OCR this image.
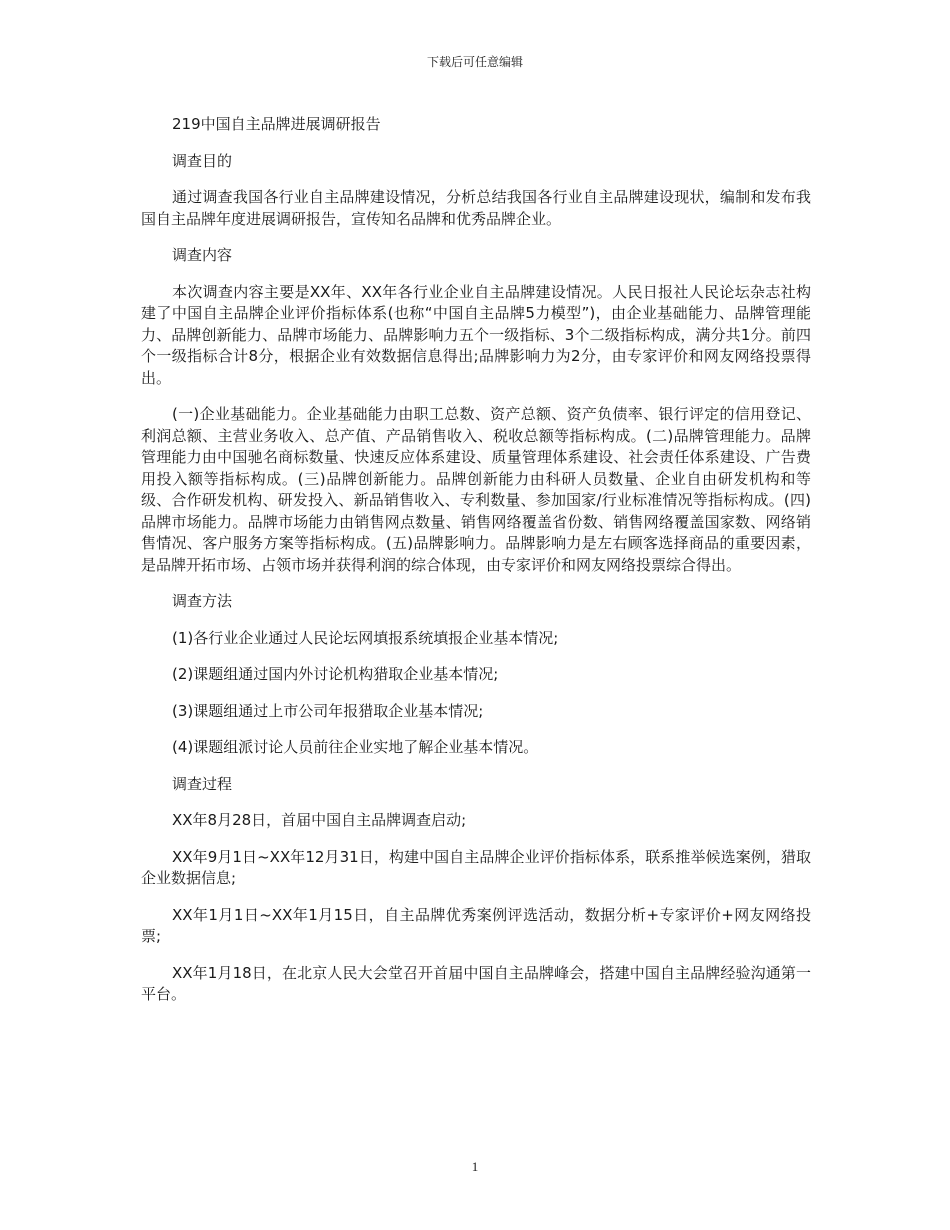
下载后可任意编辑

219中国自主品牌进展调研报告

调查目的

通过调查我国各行业自主品牌建设情况，分析总结我国各行业自主品牌建设现状，编制和发布我国自主品牌年度进展调研报告，宣传知名品牌和优秀品牌企业。

调查内容

本次调查内容主要是XX年、XX年各行业企业自主品牌建设情况。人民日报社人民论坛杂志社构建了中国自主品牌企业评价指标体系(也称“中国自主品牌5力模型”)，由企业基础能力、品牌管理能力、品牌创新能力、品牌市场能力、品牌影响力五个一级指标、3个二级指标构成，满分共1分。前四个一级指标合计8分，根据企业有效数据信息得出;品牌影响力为2分，由专家评价和网友网络投票得出。

(一)企业基础能力。企业基础能力由职工总数、资产总额、资产负债率、银行评定的信用登记、利润总额、主营业务收入、总产值、产品销售收入、税收总额等指标构成。(二)品牌管理能力。品牌管理能力由中国驰名商标数量、快速反应体系建设、质量管理体系建设、社会责任体系建设、广告费用投入额等指标构成。(三)品牌创新能力。品牌创新能力由科研人员数量、企业自由研发机构和等级、合作研发机构、研发投入、新品销售收入、专利数量、参加国家/行业标准情况等指标构成。(四)品牌市场能力。品牌市场能力由销售网点数量、销售网络覆盖省份数、销售网络覆盖国家数、网络销售情况、客户服务方案等指标构成。(五)品牌影响力。品牌影响力是左右顾客选择商品的重要因素，是品牌开拓市场、占领市场并获得利润的综合体现，由专家评价和网友网络投票综合得出。

调查方法

(1)各行业企业通过人民论坛网填报系统填报企业基本情况;

(2)课题组通过国内外讨论机构猎取企业基本情况;

(3)课题组通过上市公司年报猎取企业基本情况;

(4)课题组派讨论人员前往企业实地了解企业基本情况。

调查过程

XX年8月28日，首届中国自主品牌调查启动;

XX年9月1日~XX年12月31日，构建中国自主品牌企业评价指标体系，联系推举候选案例，猎取企业数据信息;

XX年1月1日~XX年1月15日，自主品牌优秀案例评选活动，数据分析+专家评价+网友网络投票;

XX年1月18日，在北京人民大会堂召开首届中国自主品牌峰会，搭建中国自主品牌经验沟通第一平台。

1
